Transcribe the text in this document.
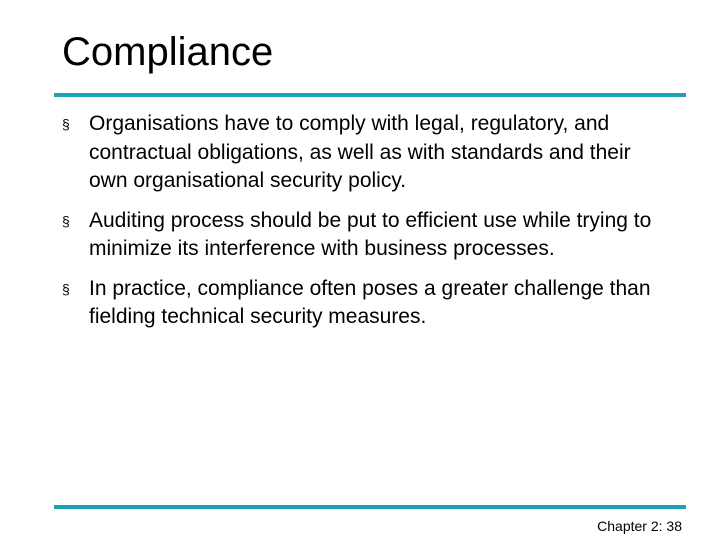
Compliance
§ Organisations have to comply with legal, regulatory, and contractual obligations, as well as with standards and their own organisational security policy.
§ Auditing process should be put to efficient use while trying to minimize its interference with business processes.
§ In practice, compliance often poses a greater challenge than fielding technical security measures.
Chapter 2: 38
